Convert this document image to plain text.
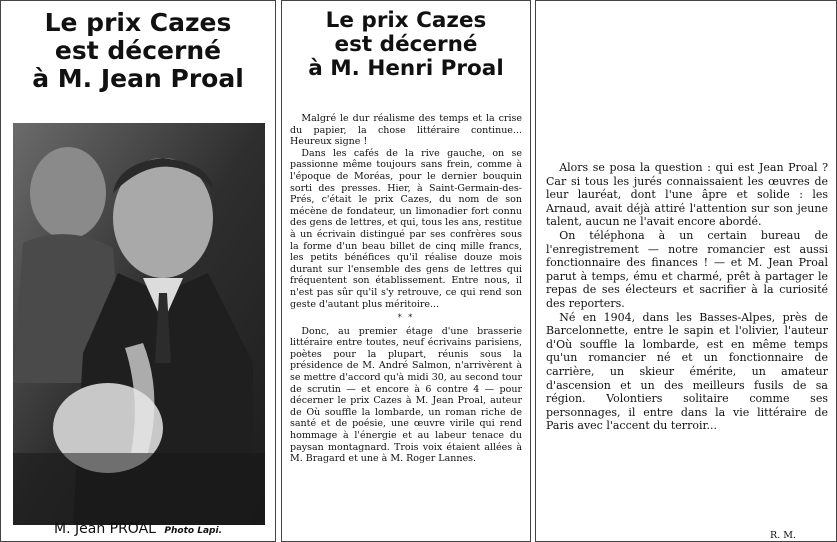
Le prix Cazes
est décerné
à M. Jean Proal
M. Jean PROAL Photo Lapi.
Le prix Cazes
est décerné
à M. Henri Proal

Malgré le dur réalisme des temps et la crise du papier, la chose littéraire continue... Heureux signe !

Dans les cafés de la rive gauche, on se passionne même toujours sans frein, comme à l'époque de Moréas, pour le dernier bouquin sorti des presses. Hier, à Saint-Germain-des-Prés, c'était le prix Cazes, du nom de son mécène de fondateur, un limonadier fort connu des gens de lettres, et qui, tous les ans, restitue à un écrivain distingué par ses confrères sous la forme d'un beau billet de cinq mille francs, les petits bénéfices qu'il réalise douze mois durant sur l'ensemble des gens de lettres qui fréquentent son établissement. Entre nous, il n'est pas sûr qu'il s'y retrouve, ce qui rend son geste d'autant plus méritoire...

* *

Donc, au premier étage d'une brasserie littéraire entre toutes, neuf écrivains parisiens, poètes pour la plupart, réunis sous la présidence de M. André Salmon, n'arrivèrent à se mettre d'accord qu'à midi 30, au second tour de scrutin — et encore à 6 contre 4 — pour décerner le prix Cazes à M. Jean Proal, auteur de Où souffle la lombarde, un roman riche de santé et de poésie, une œuvre virile qui rend hommage à l'énergie et au labeur tenace du paysan montagnard. Trois voix étaient allées à M. Bragard et une à M. Roger Lannes.

Alors se posa la question : qui est Jean Proal ? Car si tous les jurés connaissaient les œuvres de leur lauréat, dont l'une âpre et solide : les Arnaud, avait déjà attiré l'attention sur son jeune talent, aucun ne l'avait encore abordé.

On téléphona à un certain bureau de l'enregistrement — notre romancier est aussi fonctionnaire des finances ! — et M. Jean Proal parut à temps, ému et charmé, prêt à partager le repas de ses électeurs et sacrifier à la curiosité des reporters.

Né en 1904, dans les Basses-Alpes, près de Barcelonnette, entre le sapin et l'olivier, l'auteur d'Où souffle la lombarde, est en même temps qu'un romancier né et un fonctionnaire de carrière, un skieur émérite, un amateur d'ascension et un des meilleurs fusils de sa région. Volontiers solitaire comme ses personnages, il entre dans la vie littéraire de Paris avec l'accent du terroir...

R. M.
